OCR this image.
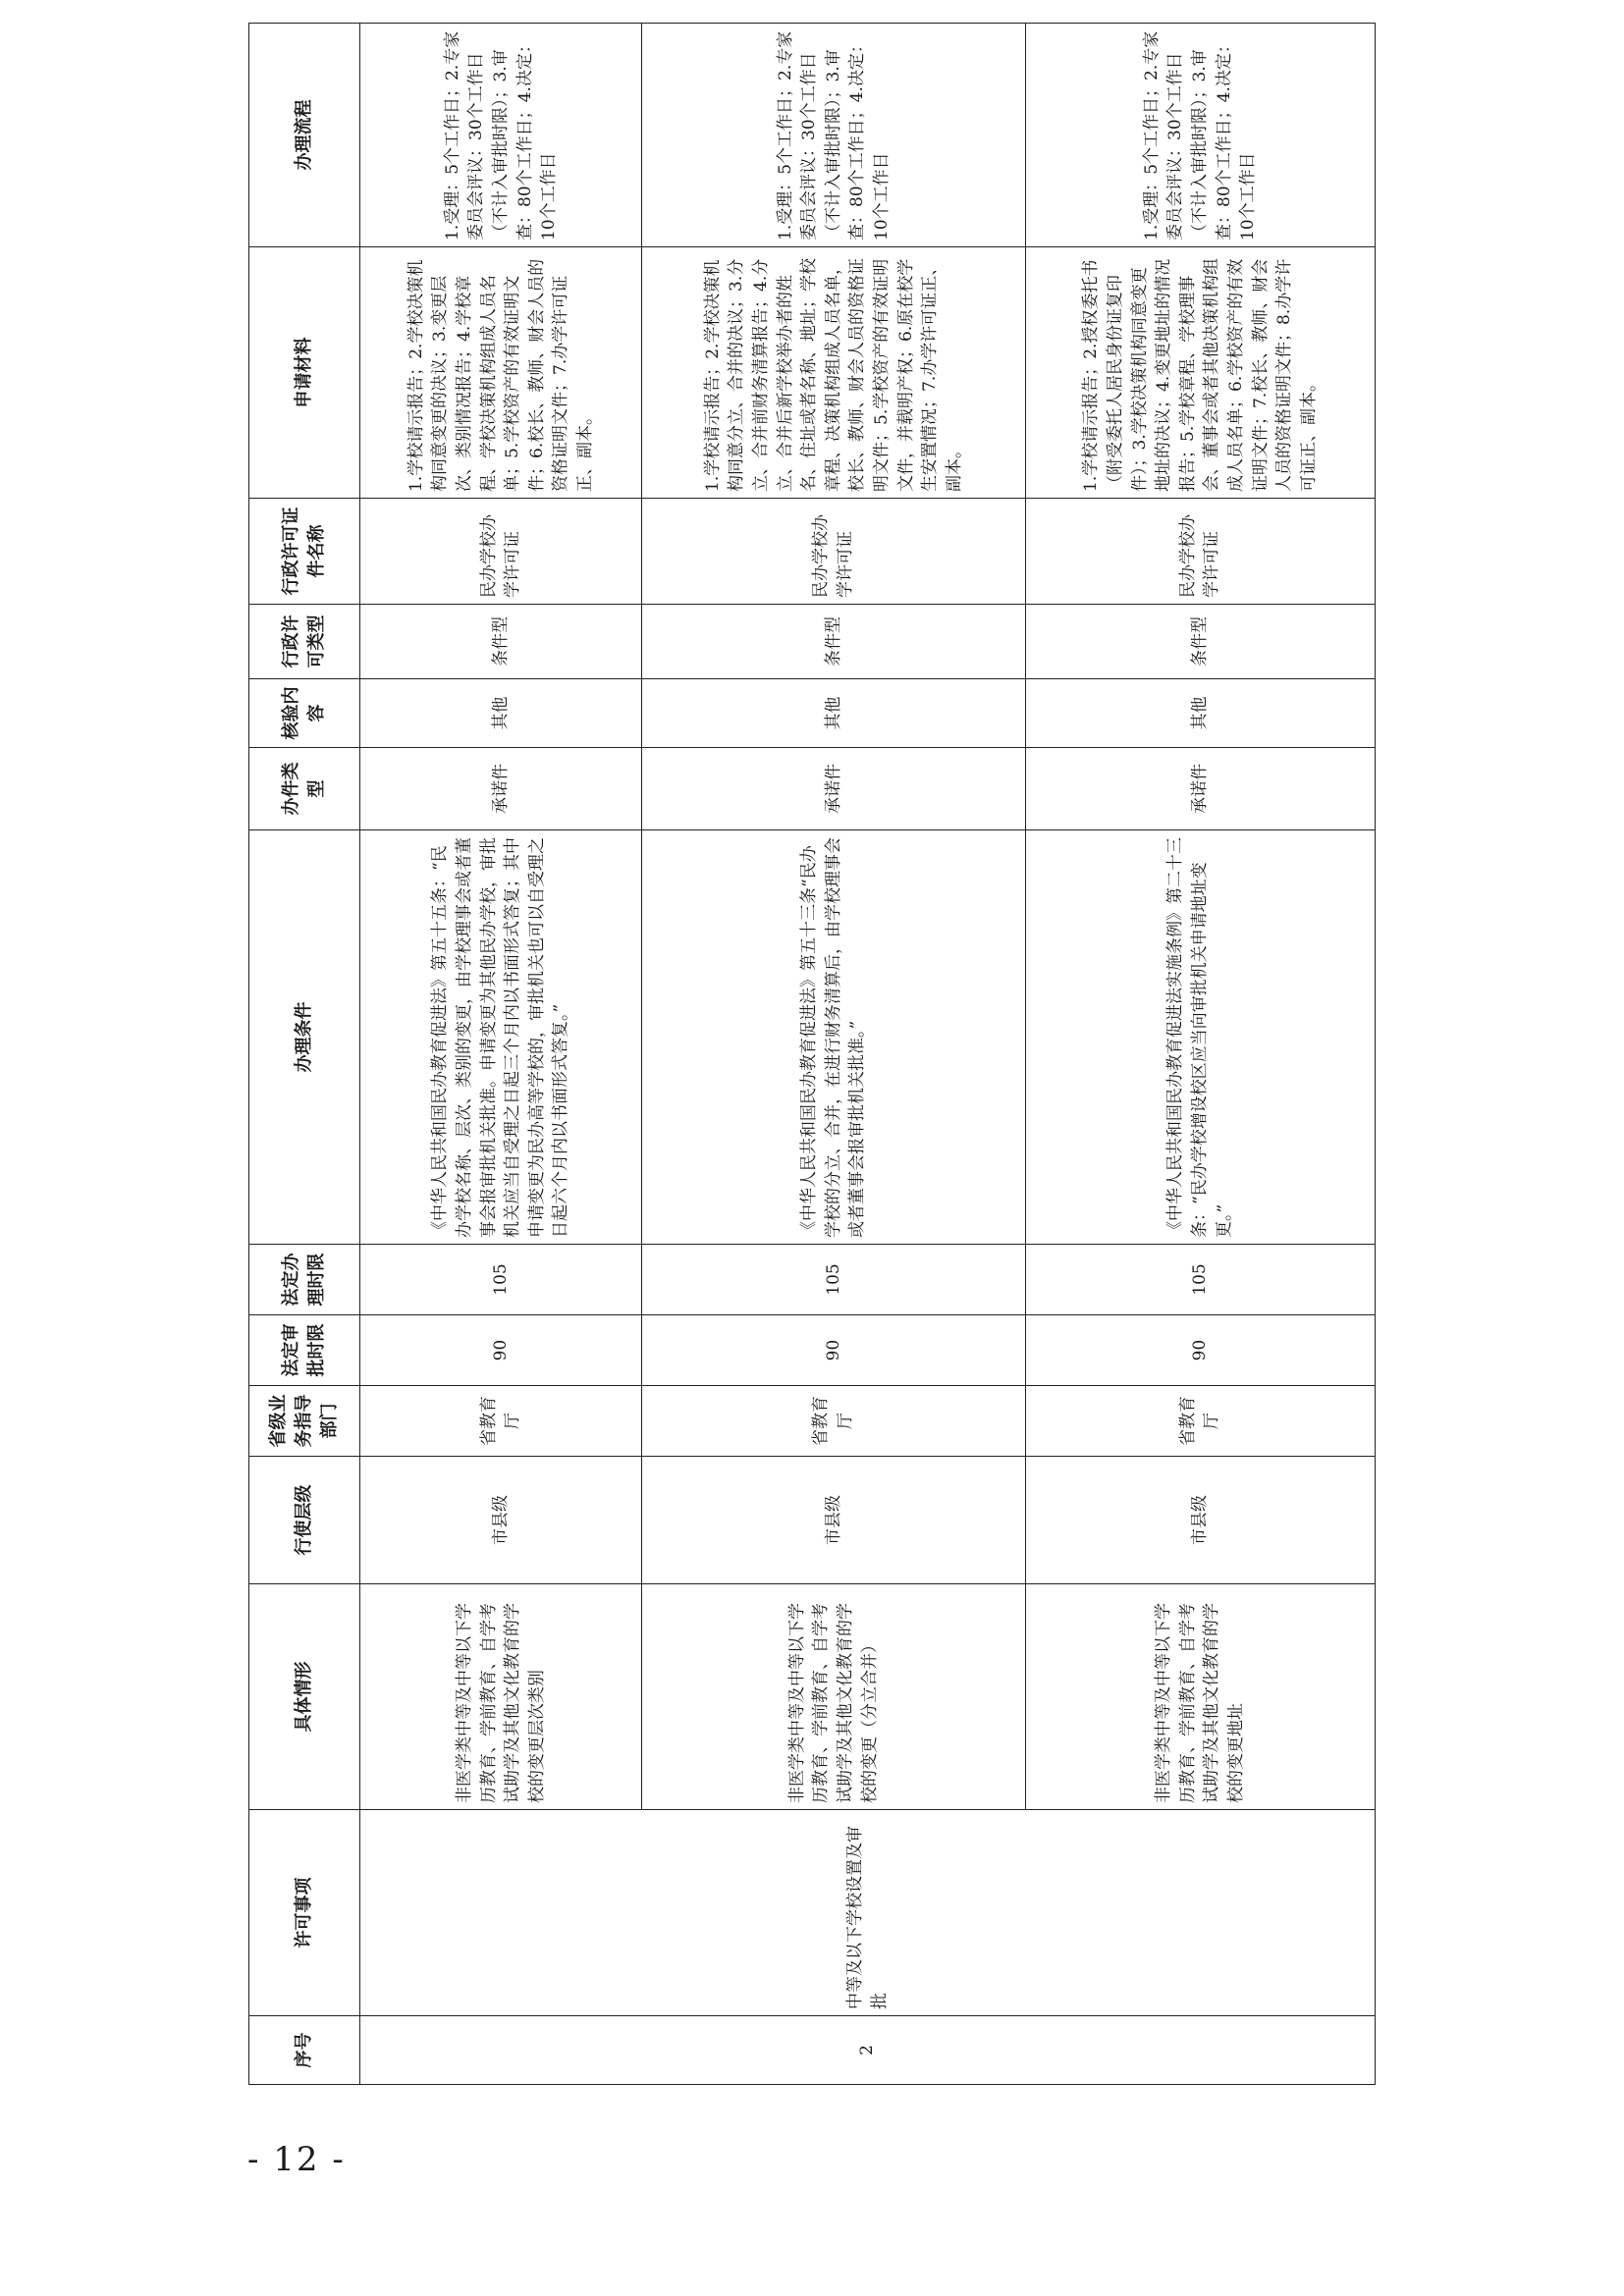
序号	许可事项	具体情形	行使层级	省级业务指导部门	法定审批时限	法定办理时限	办理条件	办件类型	核验内容	行政许可类型	行政许可证件名称	申请材料	办理流程
2	中等及以下学校设置及审批	非医学类中等及中等以下学历教育、学前教育、自学考试助学及其他文化教育的学校的变更层次类别	市县级	省教育厅	90	105	《中华人民共和国民办教育促进法》第五十五条：“民办学校名称、层次、类别的变更，由学校理事会或者董事会报审批机关批准。申请变更为其他民办学校，审批机关应当自受理之日起三个月内以书面形式答复；其中申请变更为民办高等学校的，审批机关也可以自受理之日起六个月内以书面形式答复。”	承诺件	其他	条件型	民办学校办学许可证	1.学校请示报告；2.学校决策机构同意变更的决议；3.变更层次、类别情况报告；4.学校章程、学校决策机构组成人员名单；5.学校资产的有效证明文件；6.校长、教师、财会人员的资格证明文件；7.办学许可证正、副本。	1.受理：5个工作日；2.专家委员会评议：30个工作日（不计入审批时限）；3.审查：80个工作日；4.决定：10个工作日
		非医学类中等及中等以下学历教育、学前教育、自学考试助学及其他文化教育的学校的变更（分立合并）	市县级	省教育厅	90	105	《中华人民共和国民办教育促进法》第五十三条“民办学校的分立、合并，在进行财务清算后，由学校理事会或者董事会报审批机关批准。”	承诺件	其他	条件型	民办学校办学许可证	1.学校请示报告；2.学校决策机构同意分立、合并的决议；3.分立、合并前财务清算报告；4.分立、合并后新学校举办者的姓名、住址或者名称、地址；学校章程、决策机构组成人员名单，校长、教师、财会人员的资格证明文件；5.学校资产的有效证明文件，并载明产权；6.原在校学生安置情况；7.办学许可证正、副本。	1.受理：5个工作日；2.专家委员会评议：30个工作日（不计入审批时限）；3.审查：80个工作日；4.决定：10个工作日
		非医学类中等及中等以下学历教育、学前教育、自学考试助学及其他文化教育的学校的变更地址	市县级	省教育厅	90	105	《中华人民共和国民办教育促进法实施条例》第二十三条：“民办学校增设校区应当向审批机关申请地址变更。”	承诺件	其他	条件型	民办学校办学许可证	1.学校请示报告；2.授权委托书（附受委托人居民身份证复印件）；3.学校决策机构同意变更地址的决议；4.变更地址的情况报告；5.学校章程、学校理事会、董事会或者其他决策机构组成人员名单；6.学校资产的有效证明文件；7.校长、教师、财会人员的资格证明文件；8.办学许可证正、副本。	1.受理：5个工作日；2.专家委员会评议：30个工作日（不计入审批时限）；3.审查：80个工作日；4.决定：10个工作日
- 12 -
